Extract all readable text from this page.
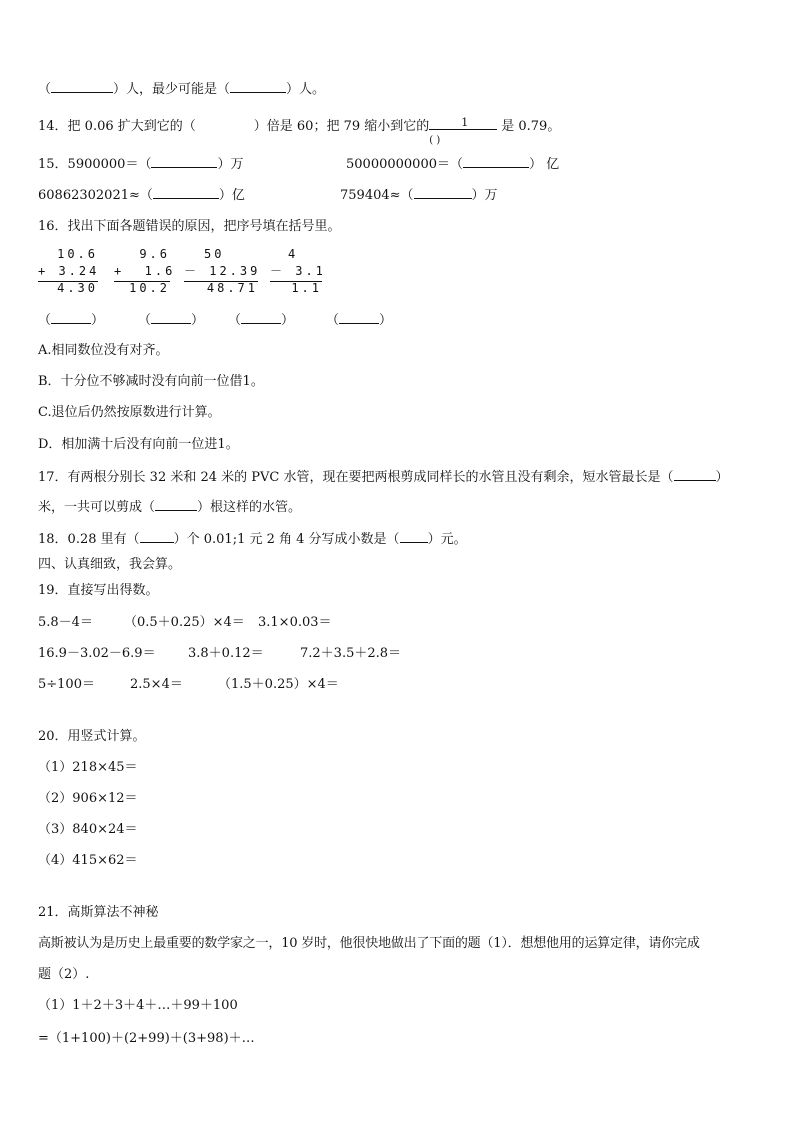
（	）人，最少可能是（	）人。
14．把 0.06 扩大到它的（	）倍是 60；把 79 缩小到它的	1
( )
是 0.79。
15．5900000＝（	）万	50000000000＝（	） 亿
60862302021≈（	）亿	759404≈（	）万
16．找出下面各题错误的原因，把序号填在括号里。
10.6
+ 3.24
4.30
9.6
+  1.6
10.2
50
－ 12.39
48.71
4
－ 3.1
1.1
（	）	（	） （	） （	）
A.相同数位没有对齐。
B．十分位不够减时没有向前一位借1。
C.退位后仍然按原数进行计算。
D．相加满十后没有向前一位进1。
17．有两根分别长 32 米和 24 米的 PVC 水管，现在要把两根剪成同样长的水管且没有剩余，短水管最长是（	）
米，一共可以剪成（	）根这样的水管。
18．0.28 里有（	）个 0.01;1 元 2 角 4 分写成小数是（ ）元。
四、认真细致，我会算。
19．直接写出得数。
5.8－4＝ （0.5＋0.25）×4＝ 3.1×0.03＝
16.9－3.02－6.9＝ 3.8＋0.12＝	7.2＋3.5＋2.8＝
5÷100＝	2.5×4＝	（1.5＋0.25）×4＝
20．用竖式计算。
（1）218×45＝
（2）906×12＝
（3）840×24＝
（4）415×62＝
21．高斯算法不神秘
高斯被认为是历史上最重要的数学家之一，10 岁时，他很快地做出了下面的题（1）．想想他用的运算定律，请你完成
题（2）.
（1）1＋2＋3＋4＋…＋99＋100
=（1+100)＋(2+99)＋(3+98)＋…
